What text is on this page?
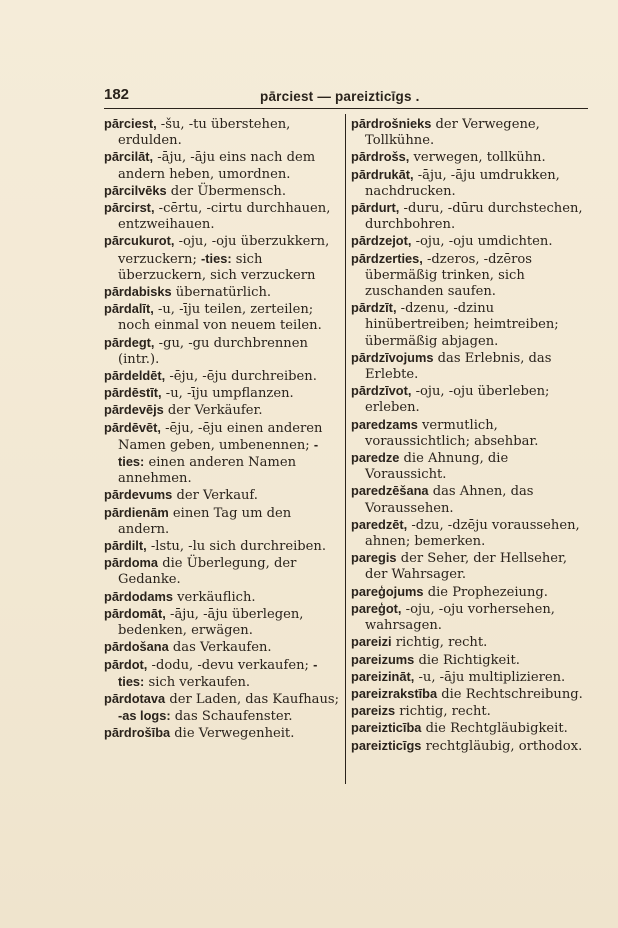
182	pārciest — pareizticīgs .

pārciest, -šu, -tu überstehen, erdulden.

pārcilāt, -āju, -āju eins nach dem andern heben, umordnen.

pārcilvēks der Übermensch.

pārcirst, -cērtu, -cirtu durchhauen, entzweihauen.

pārcukurot, -oju, -oju überzukkern, verzuckern; -ties: sich überzuckern, sich verzuckern

pārdabisks übernatürlich.

pārdalīt, -u, -īju teilen, zerteilen; noch einmal von neuem teilen.

pārdegt, -gu, -gu durchbrennen (intr.).

pārdeldēt, -ēju, -ēju durchreiben.

pārdēstīt, -u, -īju umpflanzen.

pārdevējs der Verkäufer.

pārdēvēt, -ēju, -ēju einen anderen Namen geben, umbenennen; -ties: einen anderen Namen annehmen.

pārdevums der Verkauf.

pārdienām einen Tag um den andern.

pārdilt, -lstu, -lu sich durchreiben.

pārdoma die Überlegung, der Gedanke.

pārdodams verkäuflich.

pārdomāt, -āju, -āju überlegen, bedenken, erwägen.

pārdošana das Verkaufen.

pārdot, -dodu, -devu verkaufen; -ties: sich verkaufen.

pārdotava der Laden, das Kaufhaus; -as logs: das Schaufenster.

pārdrošība die Verwegenheit.

pārdrošnieks der Verwegene, Tollkühne.

pārdrošs, verwegen, tollkühn.

pārdrukāt, -āju, -āju umdrukken, nachdrucken.

pārdurt, -duru, -dūru durchstechen, durchbohren.

pārdzejot, -oju, -oju umdichten.

pārdzerties, -dzeros, -dzēros übermäßig trinken, sich zuschanden saufen.

pārdzīt, -dzenu, -dzinu hinübertreiben; heimtreiben; übermäßig abjagen.

pārdzīvojums das Erlebnis, das Erlebte.

pārdzīvot, -oju, -oju überleben; erleben.

paredzams vermutlich, voraussichtlich; absehbar.

paredze die Ahnung, die Voraussicht.

paredzēšana das Ahnen, das Voraussehen.

paredzēt, -dzu, -dzēju voraussehen, ahnen; bemerken.

paregis der Seher, der Hellseher, der Wahrsager.

pareģojums die Prophezeiung.

pareģot, -oju, -oju vorhersehen, wahrsagen.

pareizi richtig, recht.

pareizums die Richtigkeit.

pareizināt, -u, -āju multiplizieren.

pareizrakstība die Rechtschreibung.

pareizs richtig, recht.

pareizticība die Rechtgläubigkeit.

pareizticīgs rechtgläubig, orthodox.
